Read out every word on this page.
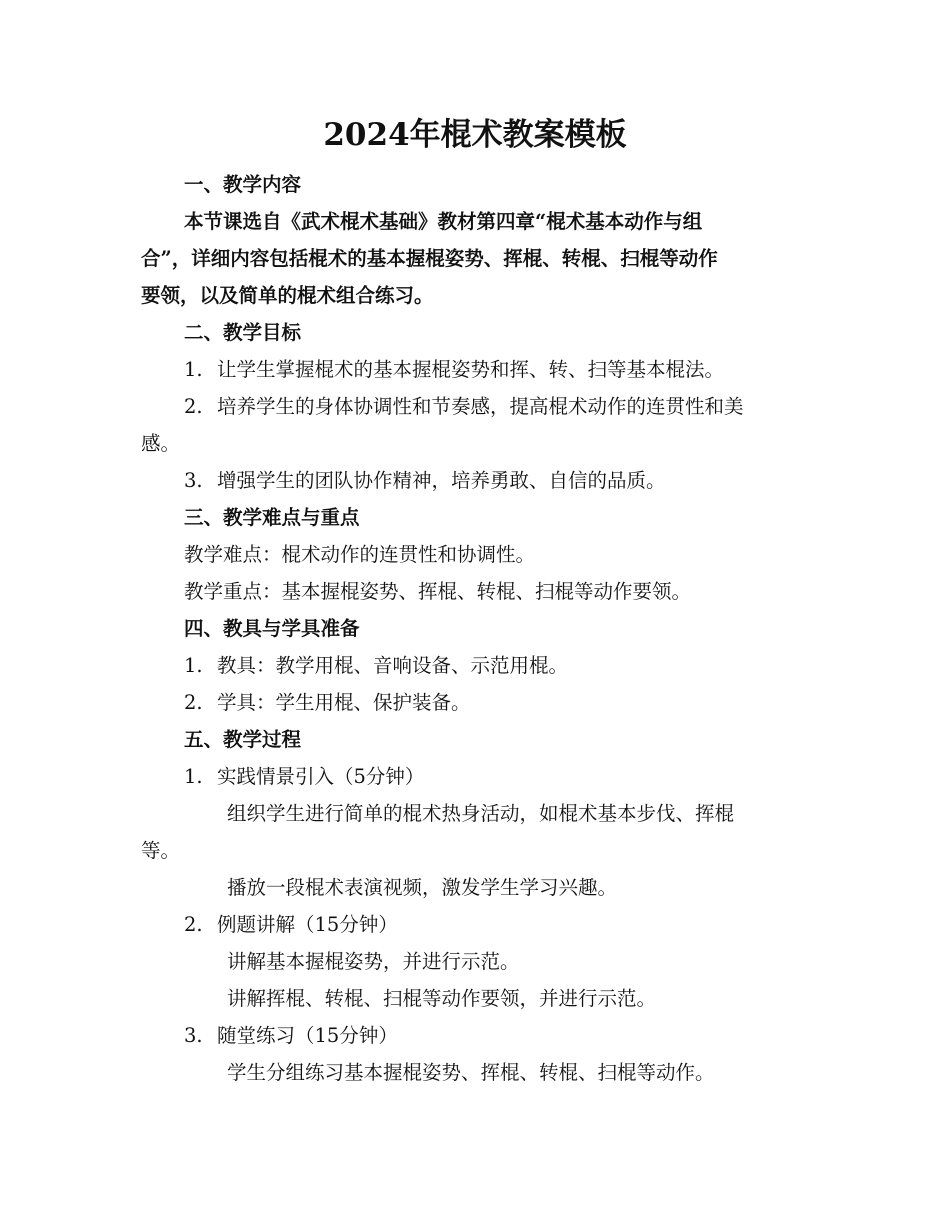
2024年棍术教案模板

一、教学内容

本节课选自《武术棍术基础》教材第四章“棍术基本动作与组

合”，详细内容包括棍术的基本握棍姿势、挥棍、转棍、扫棍等动作

要领，以及简单的棍术组合练习。

二、教学目标

1. 让学生掌握棍术的基本握棍姿势和挥、转、扫等基本棍法。

2. 培养学生的身体协调性和节奏感，提高棍术动作的连贯性和美

感。

3. 增强学生的团队协作精神，培养勇敢、自信的品质。

三、教学难点与重点

教学难点：棍术动作的连贯性和协调性。

教学重点：基本握棍姿势、挥棍、转棍、扫棍等动作要领。

四、教具与学具准备

1. 教具：教学用棍、音响设备、示范用棍。

2. 学具：学生用棍、保护装备。

五、教学过程

1. 实践情景引入（5分钟）

组织学生进行简单的棍术热身活动，如棍术基本步伐、挥棍

等。

播放一段棍术表演视频，激发学生学习兴趣。

2. 例题讲解（15分钟）

讲解基本握棍姿势，并进行示范。

讲解挥棍、转棍、扫棍等动作要领，并进行示范。

3. 随堂练习（15分钟）

学生分组练习基本握棍姿势、挥棍、转棍、扫棍等动作。
